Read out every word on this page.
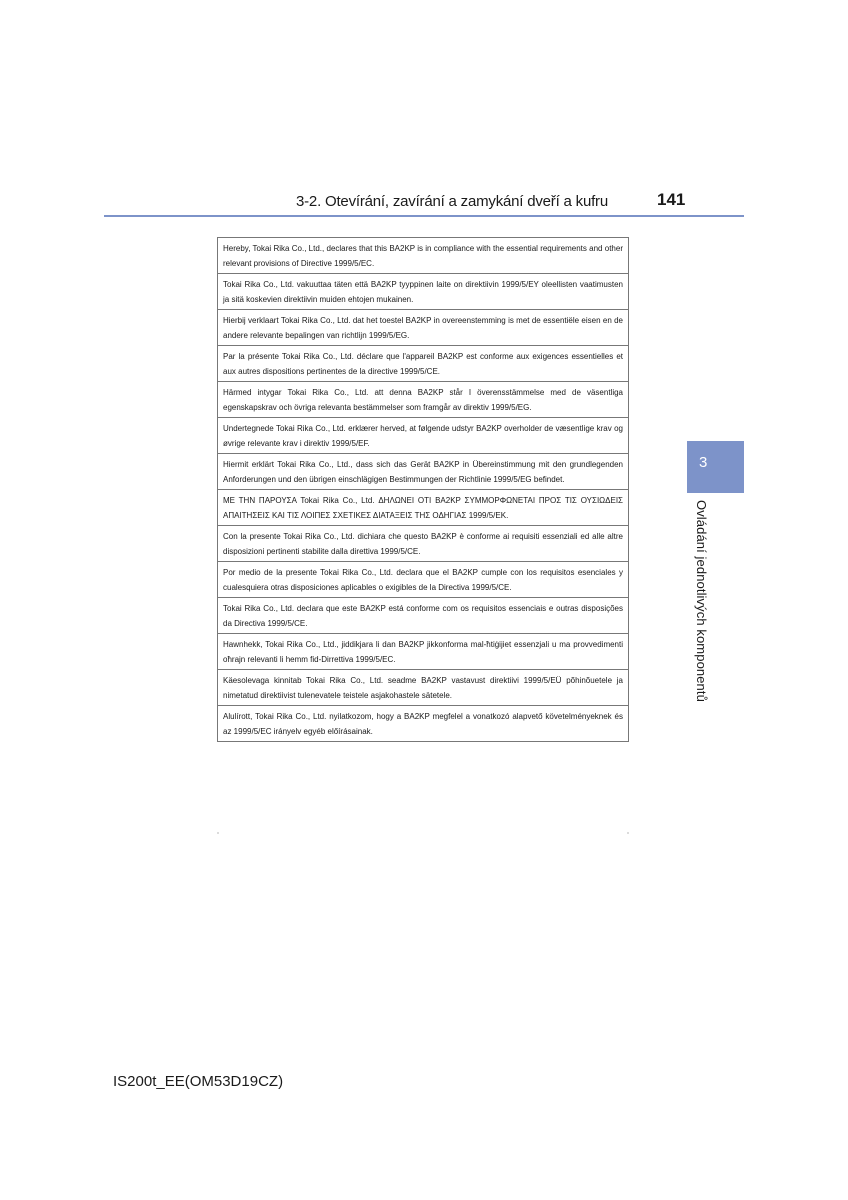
3-2. Otevírání, zavírání a zamykání dveří a kufru	141
Hereby, Tokai Rika Co., Ltd., declares that this BA2KP is in compliance with the essential requirements and other relevant provisions of Directive 1999/5/EC.
Tokai Rika Co., Ltd. vakuuttaa täten että BA2KP tyyppinen laite on direktiivin 1999/5/EY oleellisten vaatimusten ja sitä koskevien direktiivin muiden ehtojen mukainen.
Hierbij verklaart Tokai Rika Co., Ltd. dat het toestel BA2KP in overeenstemming is met de essentiële eisen en de andere relevante bepalingen van richtlijn 1999/5/EG.
Par la présente Tokai Rika Co., Ltd. déclare que l'appareil BA2KP est conforme aux exigences essentielles et aux autres dispositions pertinentes de la directive 1999/5/CE.
Härmed intygar Tokai Rika Co., Ltd. att denna BA2KP står I överensstämmelse med de väsentliga egenskapskrav och övriga relevanta bestämmelser som framgår av direktiv 1999/5/EG.
Undertegnede Tokai Rika Co., Ltd. erklærer herved, at følgende udstyr BA2KP overholder de væsentlige krav og øvrige relevante krav i direktiv 1999/5/EF.
Hiermit erklärt Tokai Rika Co., Ltd., dass sich das Gerät BA2KP in Übereinstimmung mit den grundlegenden Anforderungen und den übrigen einschlägigen Bestimmungen der Richtlinie 1999/5/EG befindet.
ΜΕ ΤΗΝ ΠΑΡΟΥΣΑ Tokai Rika Co., Ltd. ΔΗΛΩΝΕΙ ΟΤΙ BA2KP ΣΥΜΜΟΡΦΩΝΕΤΑΙ ΠΡΟΣ ΤΙΣ ΟΥΣΙΩΔΕΙΣ ΑΠΑΙΤΗΣΕΙΣ ΚΑΙ ΤΙΣ ΛΟΙΠΕΣ ΣΧΕΤΙΚΕΣ ΔΙΑΤΑΞΕΙΣ ΤΗΣ ΟΔΗΓΙΑΣ 1999/5/ΕΚ.
Con la presente Tokai Rika Co., Ltd. dichiara che questo BA2KP è conforme ai requisiti essenziali ed alle altre disposizioni pertinenti stabilite dalla direttiva 1999/5/CE.
Por medio de la presente Tokai Rika Co., Ltd. declara que el BA2KP cumple con los requisitos esenciales y cualesquiera otras disposiciones aplicables o exigibles de la Directiva 1999/5/CE.
Tokai Rika Co., Ltd. declara que este BA2KP está conforme com os requisitos essenciais e outras disposições da Directiva 1999/5/CE.
Hawnhekk, Tokai Rika Co., Ltd., jiddikjara li dan BA2KP jikkonforma mal-ħtiġijiet essenzjali u ma provvedimenti oħrajn relevanti li hemm fid-Dirrettiva 1999/5/EC.
Käesolevaga kinnitab Tokai Rika Co., Ltd. seadme BA2KP vastavust direktiivi 1999/5/EÜ põhinõuetele ja nimetatud direktiivist tulenevatele teistele asjakohastele sätetele.
Alulírott, Tokai Rika Co., Ltd. nyilatkozom, hogy a BA2KP megfelel a vonatkozó alapvető követelményeknek és az 1999/5/EC irányelv egyéb előírásainak.
3
Ovládání jednotlivých komponentů
IS200t_EE(OM53D19CZ)
